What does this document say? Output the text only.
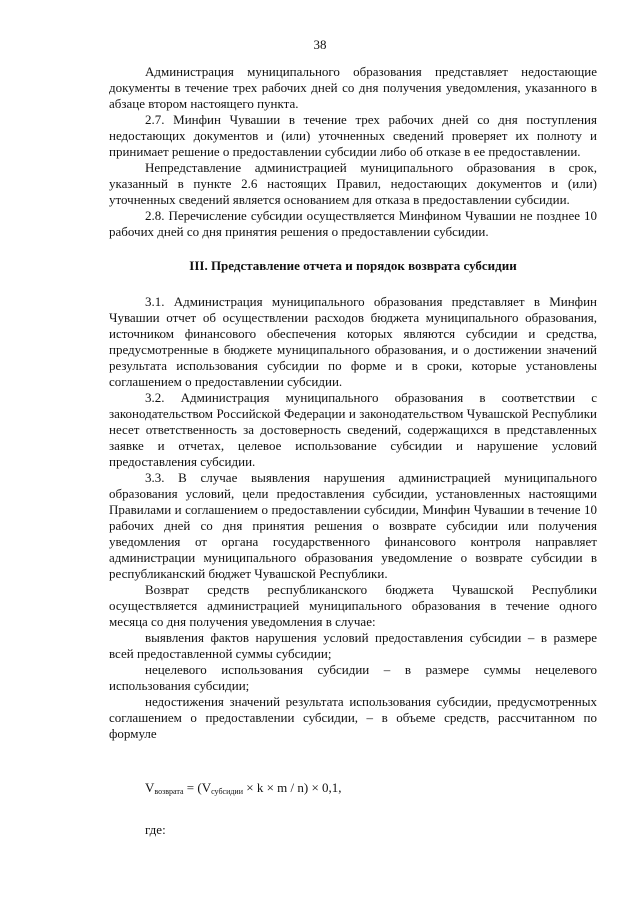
38

Администрация муниципального образования представляет недостающие документы в течение трех рабочих дней со дня получения уведомления, указанного в абзаце втором настоящего пункта.

2.7. Минфин Чувашии в течение трех рабочих дней со дня поступления недостающих документов и (или) уточненных сведений проверяет их полноту и принимает решение о предоставлении субсидии либо об отказе в ее предоставлении.

Непредставление администрацией муниципального образования в срок, указанный в пункте 2.6 настоящих Правил, недостающих документов и (или) уточненных сведений является основанием для отказа в предоставлении субсидии.

2.8. Перечисление субсидии осуществляется Минфином Чувашии не позднее 10 рабочих дней со дня принятия решения о предоставлении субсидии.

III. Представление отчета и порядок возврата субсидии

3.1. Администрация муниципального образования представляет в Минфин Чувашии отчет об осуществлении расходов бюджета муниципального образования, источником финансового обеспечения которых являются субсидии и средства, предусмотренные в бюджете муниципального образования, и о достижении значений результата использования субсидии по форме и в сроки, которые установлены соглашением о предоставлении субсидии.

3.2. Администрация муниципального образования в соответствии с законодательством Российской Федерации и законодательством Чувашской Республики несет ответственность за достоверность сведений, содержащихся в представленных заявке и отчетах, целевое использование субсидии и нарушение условий предоставления субсидии.

3.3. В случае выявления нарушения администрацией муниципального образования условий, цели предоставления субсидии, установленных настоящими Правилами и соглашением о предоставлении субсидии, Минфин Чувашии в течение 10 рабочих дней со дня принятия решения о возврате субсидии или получения уведомления от органа государственного финансового контроля направляет администрации муниципального образования уведомление о возврате субсидии в республиканский бюджет Чувашской Республики.

Возврат средств республиканского бюджета Чувашской Республики осуществляется администрацией муниципального образования в течение одного месяца со дня получения уведомления в случае:

выявления фактов нарушения условий предоставления субсидии – в размере всей предоставленной суммы субсидии;

нецелевого использования субсидии – в размере суммы нецелевого использования субсидии;

недостижения значений результата использования субсидии, предусмотренных соглашением о предоставлении субсидии, – в объеме средств, рассчитанном по формуле

$V_{возврата} = (V_{субсидии} \times k \times m / n) \times 0,1$,
где:
